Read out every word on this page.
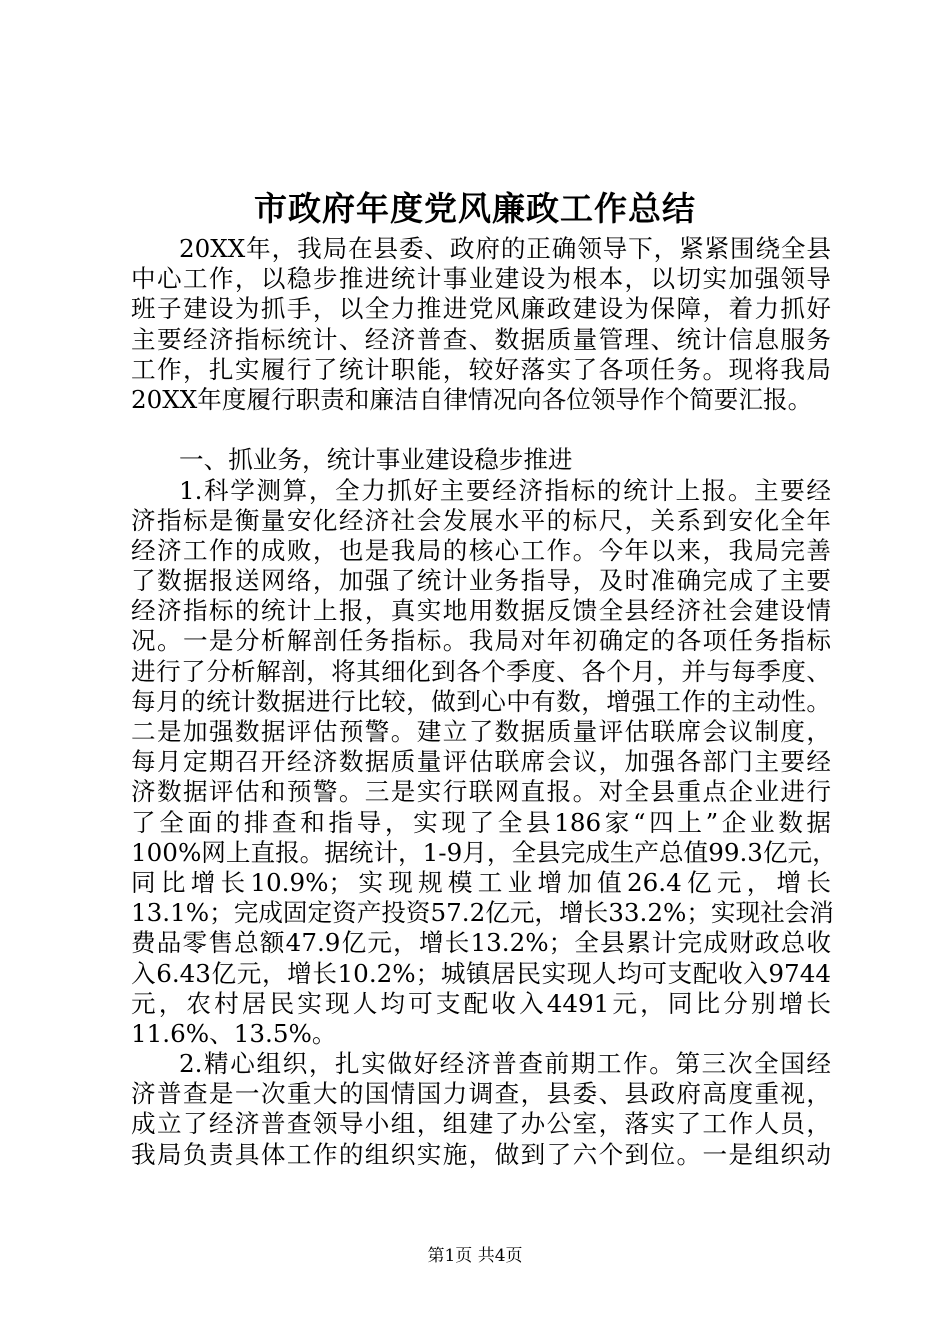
市政府年度党风廉政工作总结
20XX年，我局在县委、政府的正确领导下，紧紧围绕全县
中心工作，以稳步推进统计事业建设为根本，以切实加强领导
班子建设为抓手，以全力推进党风廉政建设为保障，着力抓好
主要经济指标统计、经济普查、数据质量管理、统计信息服务
工作，扎实履行了统计职能，较好落实了各项任务。现将我局
20XX年度履行职责和廉洁自律情况向各位领导作个简要汇报。
一、抓业务，统计事业建设稳步推进
1.科学测算，全力抓好主要经济指标的统计上报。主要经
济指标是衡量安化经济社会发展水平的标尺，关系到安化全年
经济工作的成败，也是我局的核心工作。今年以来，我局完善
了数据报送网络，加强了统计业务指导，及时准确完成了主要
经济指标的统计上报，真实地用数据反馈全县经济社会建设情
况。一是分析解剖任务指标。我局对年初确定的各项任务指标
进行了分析解剖，将其细化到各个季度、各个月，并与每季度、
每月的统计数据进行比较，做到心中有数，增强工作的主动性。
二是加强数据评估预警。建立了数据质量评估联席会议制度，
每月定期召开经济数据质量评估联席会议，加强各部门主要经
济数据评估和预警。三是实行联网直报。对全县重点企业进行
了全面的排查和指导，实现了全县186家“四上”企业数据
100%网上直报。据统计，1-9月，全县完成生产总值99.3亿元，
同比增长10.9%；实现规模工业增加值26.4亿元，增长
13.1%；完成固定资产投资57.2亿元，增长33.2%；实现社会消
费品零售总额47.9亿元，增长13.2%；全县累计完成财政总收
入6.43亿元，增长10.2%；城镇居民实现人均可支配收入9744
元，农村居民实现人均可支配收入4491元，同比分别增长
11.6%、13.5%。
2.精心组织，扎实做好经济普查前期工作。第三次全国经
济普查是一次重大的国情国力调查，县委、县政府高度重视，
成立了经济普查领导小组，组建了办公室，落实了工作人员，
我局负责具体工作的组织实施，做到了六个到位。一是组织动
第1页 共4页
